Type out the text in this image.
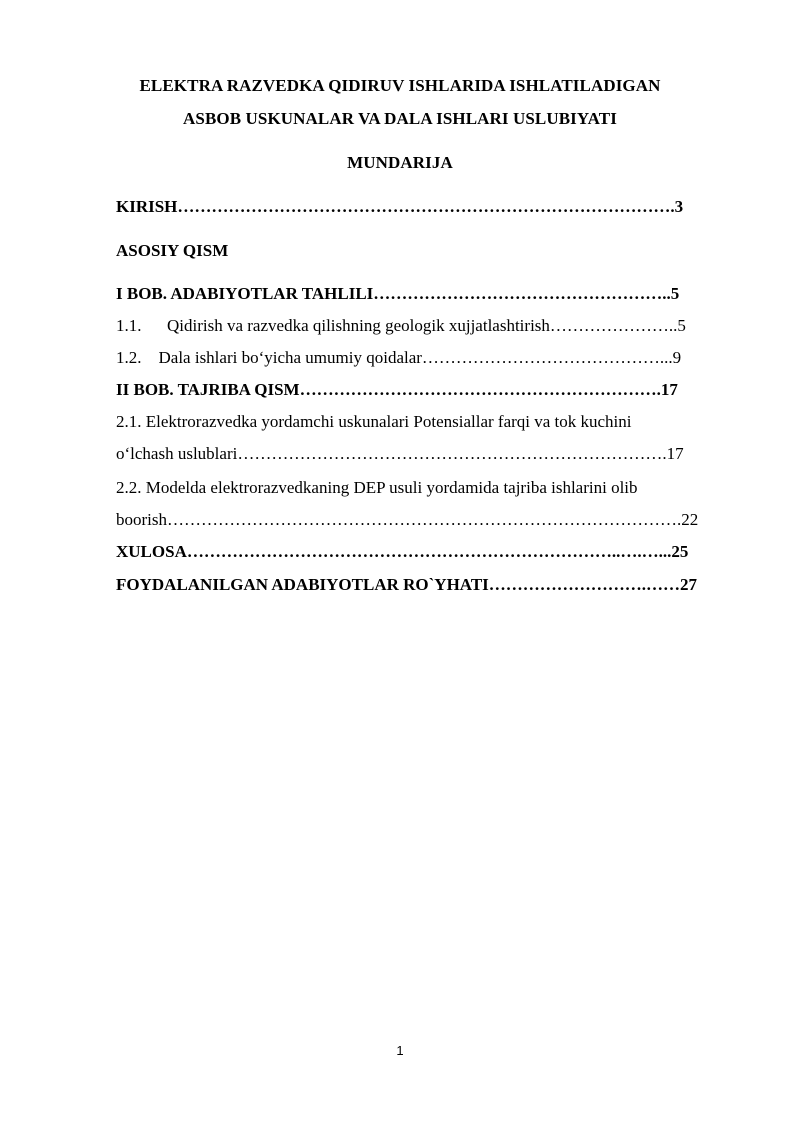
ELEKTRA RAZVEDKA QIDIRUV ISHLARIDA ISHLATILADIGAN
ASBOB USKUNALAR VA DALA ISHLARI USLUBIYATI
MUNDARIJA
KIRISH…………………………………………………………………………….3
ASOSIY QISM
I BOB. ADABIYOTLAR TAHLILI……………………………………………..5
1.1.      Qidirish va razvedka qilishning geologik xujjatlashtirish…………………..5
1.2.    Dala ishlari bo‘yicha umumiy qoidalar……………………………………...9
II BOB. TAJRIBA QISM……………………………………………………….17
2.1. Elektrorazvedka yordamchi uskunalari Potensiallar farqi va tok kuchini
o‘lchash uslublari………………………………………………………………….17
2.2. Modelda elektrorazvedkaning DEP usuli yordamida tajriba ishlarini olib
boorish……………………………………………………………………………….22
XULOSA…………………………………………………………………..….…...25
FOYDALANILGAN ADABIYOTLAR RO`YHATI……………………….……27
1
